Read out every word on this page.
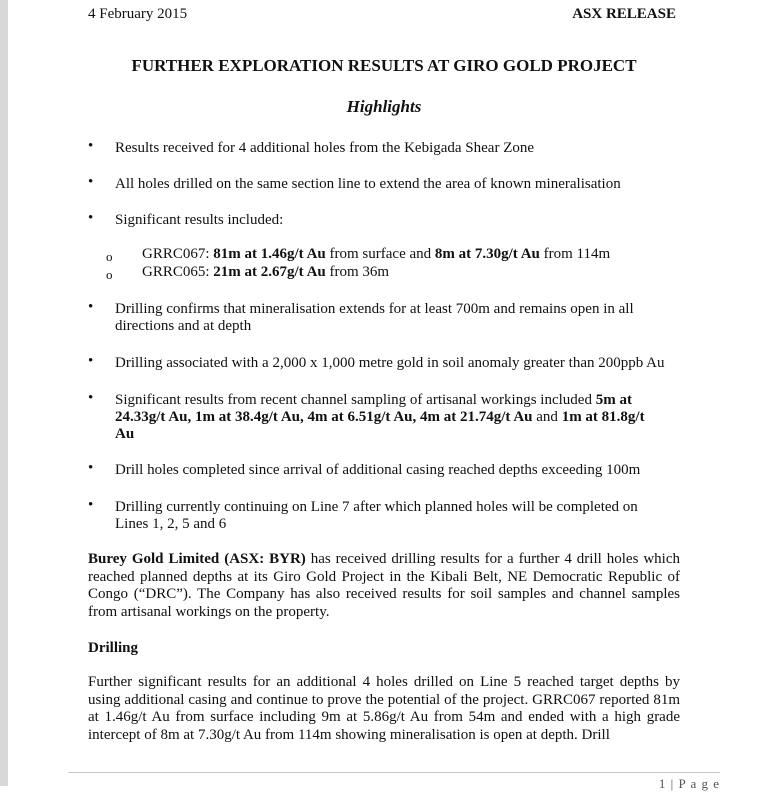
4 February 2015	ASX RELEASE
FURTHER EXPLORATION RESULTS AT GIRO GOLD PROJECT
Highlights
• Results received for 4 additional holes from the Kebigada Shear Zone
• All holes drilled on the same section line to extend the area of known mineralisation
• Significant results included:
o GRRC067: 81m at 1.46g/t Au from surface and 8m at 7.30g/t Au from 114m
o GRRC065: 21m at 2.67g/t Au from 36m
• Drilling confirms that mineralisation extends for at least 700m and remains open in all
directions and at depth
• Drilling associated with a 2,000 x 1,000 metre gold in soil anomaly greater than 200ppb Au
• Significant results from recent channel sampling of artisanal workings included 5m at
24.33g/t Au, 1m at 38.4g/t Au, 4m at 6.51g/t Au, 4m at 21.74g/t Au and 1m at 81.8g/t
Au
• Drill holes completed since arrival of additional casing reached depths exceeding 100m
• Drilling currently continuing on Line 7 after which planned holes will be completed on
Lines 1, 2, 5 and 6
Burey Gold Limited (ASX: BYR) has received drilling results for a further 4 drill holes which reached planned depths at its Giro Gold Project in the Kibali Belt, NE Democratic Republic of Congo (“DRC”). The Company has also received results for soil samples and channel samples from artisanal workings on the property.
Drilling
Further significant results for an additional 4 holes drilled on Line 5 reached target depths by using additional casing and continue to prove the potential of the project. GRRC067 reported 81m at 1.46g/t Au from surface including 9m at 5.86g/t Au from 54m and ended with a high grade intercept of 8m at 7.30g/t Au from 114m showing mineralisation is open at depth. Drill
1 | P a g e
